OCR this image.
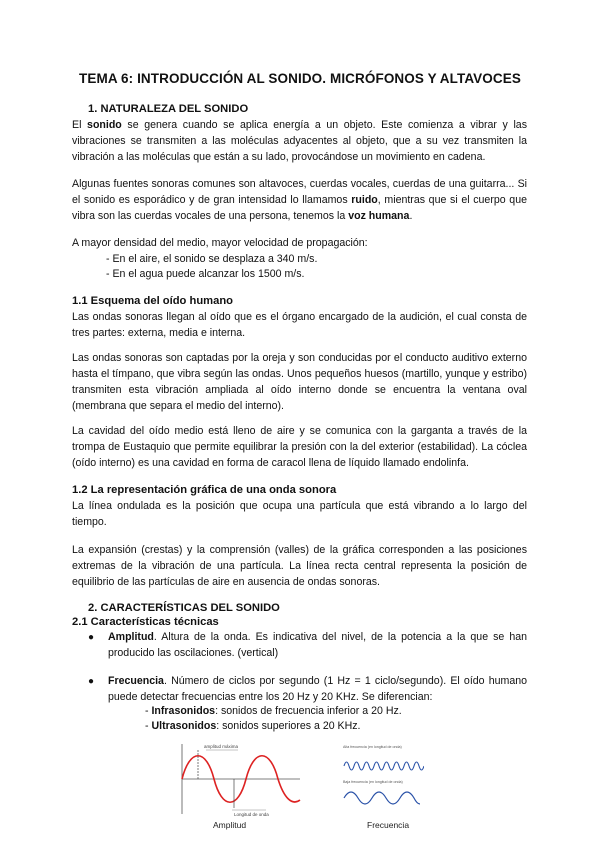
TEMA 6: INTRODUCCIÓN AL SONIDO. MICRÓFONOS Y ALTAVOCES
1. NATURALEZA DEL SONIDO
El sonido se genera cuando se aplica energía a un objeto. Este comienza a vibrar y las vibraciones se transmiten a las moléculas adyacentes al objeto, que a su vez transmiten la vibración a las moléculas que están a su lado, provocándose un movimiento en cadena.
Algunas fuentes sonoras comunes son altavoces, cuerdas vocales, cuerdas de una guitarra... Si el sonido es esporádico y de gran intensidad lo llamamos ruido, mientras que si el cuerpo que vibra son las cuerdas vocales de una persona, tenemos la voz humana.
A mayor densidad del medio, mayor velocidad de propagación:
- En el aire, el sonido se desplaza a 340 m/s.
- En el agua puede alcanzar los 1500 m/s.
1.1 Esquema del oído humano
Las ondas sonoras llegan al oído que es el órgano encargado de la audición, el cual consta de tres partes: externa, media e interna.
Las ondas sonoras son captadas por la oreja y son conducidas por el conducto auditivo externo hasta el tímpano, que vibra según las ondas. Unos pequeños huesos (martillo, yunque y estribo) transmiten esta vibración ampliada al oído interno donde se encuentra la ventana oval (membrana que separa el medio del interno).
La cavidad del oído medio está lleno de aire y se comunica con la garganta a través de la trompa de Eustaquio que permite equilibrar la presión con la del exterior (estabilidad). La cóclea (oído interno) es una cavidad en forma de caracol llena de líquido llamado endolinfa.
1.2 La representación gráfica de una onda sonora
La línea ondulada es la posición que ocupa una partícula que está vibrando a lo largo del tiempo.
La expansión (crestas) y la comprensión (valles) de la gráfica corresponden a las posiciones extremas de la vibración de una partícula. La línea recta central representa la posición de equilibrio de las partículas de aire en ausencia de ondas sonoras.
2. CARACTERÍSTICAS DEL SONIDO
2.1 Características técnicas
● Amplitud. Altura de la onda. Es indicativa del nivel, de la potencia a la que se han producido las oscilaciones. (vertical)
● Frecuencia. Número de ciclos por segundo (1 Hz = 1 ciclo/segundo). El oído humano puede detectar frecuencias entre los 20 Hz y 20 KHz. Se diferencian:
- Infrasonidos: sonidos de frecuencia inferior a 20 Hz.
- Ultrasonidos: sonidos superiores a 20 KHz.
amplitud máxima
Longitud de onda
Amplitud
Alta frecuencia (en longitud de onda)
Baja frecuencia (en longitud de onda)
Frecuencia
